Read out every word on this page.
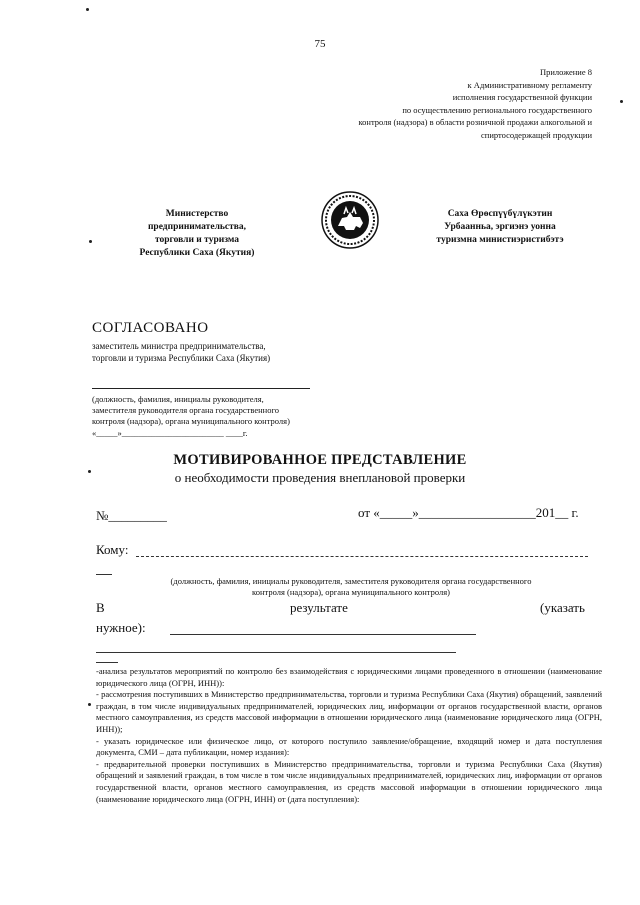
75
Приложение 8
к Административному регламенту
исполнения государственной функции
по осуществлению регионального государственного
контроля (надзора) в области розничной продажи алкогольной и
спиртосодержащей продукции
Министерство
предпринимательства,
торговли и туризма
Республики Саха (Якутия)
Саха Өрөспүүбүлүкэтин
Урбаанньа, эргиэнэ уонна
туризмна министиэристибэтэ
СОГЛАСОВАНО
заместитель министра предпринимательства,
торговли и туризма Республики Саха (Якутия)
(должность, фамилия, инициалы руководителя,
заместителя руководителя органа государственного
контроля (надзора), органа муниципального контроля)
«_____»________________________ ____г.
МОТИВИРОВАННОЕ ПРЕДСТАВЛЕНИЕ
о необходимости проведения внеплановой проверки
№_________	от «_____»__________________201__ г.
Кому:
(должность, фамилия, инициалы руководителя, заместителя руководителя органа государственного
контроля (надзора), органа муниципального контроля)
В	результате	(указать
нужное):

-анализа результатов мероприятий по контролю без взаимодействия с юридическими лицами проведенного в отношении (наименование юридического лица (ОГРН, ИНН)):

- рассмотрения поступивших в Министерство предпринимательства, торговли и туризма Республики Саха (Якутия) обращений, заявлений граждан, в том числе индивидуальных предпринимателей, юридических лиц, информации от органов государственной власти, органов местного самоуправления, из средств массовой информации в отношении юридического лица (наименование юридического лица (ОГРН, ИНН));

- указать юридическое или физическое лицо, от которого поступило заявление/обращение, входящий номер и дата поступления документа, СМИ – дата публикации, номер издания):

- предварительной проверки поступивших в Министерство предпринимательства, торговли и туризма Республики Саха (Якутия) обращений и заявлений граждан, в том числе в том числе индивидуальных предпринимателей, юридических лиц, информации от органов государственной власти, органов местного самоуправления, из средств массовой информации в отношении юридического лица (наименование юридического лица (ОГРН, ИНН) от (дата поступления):
